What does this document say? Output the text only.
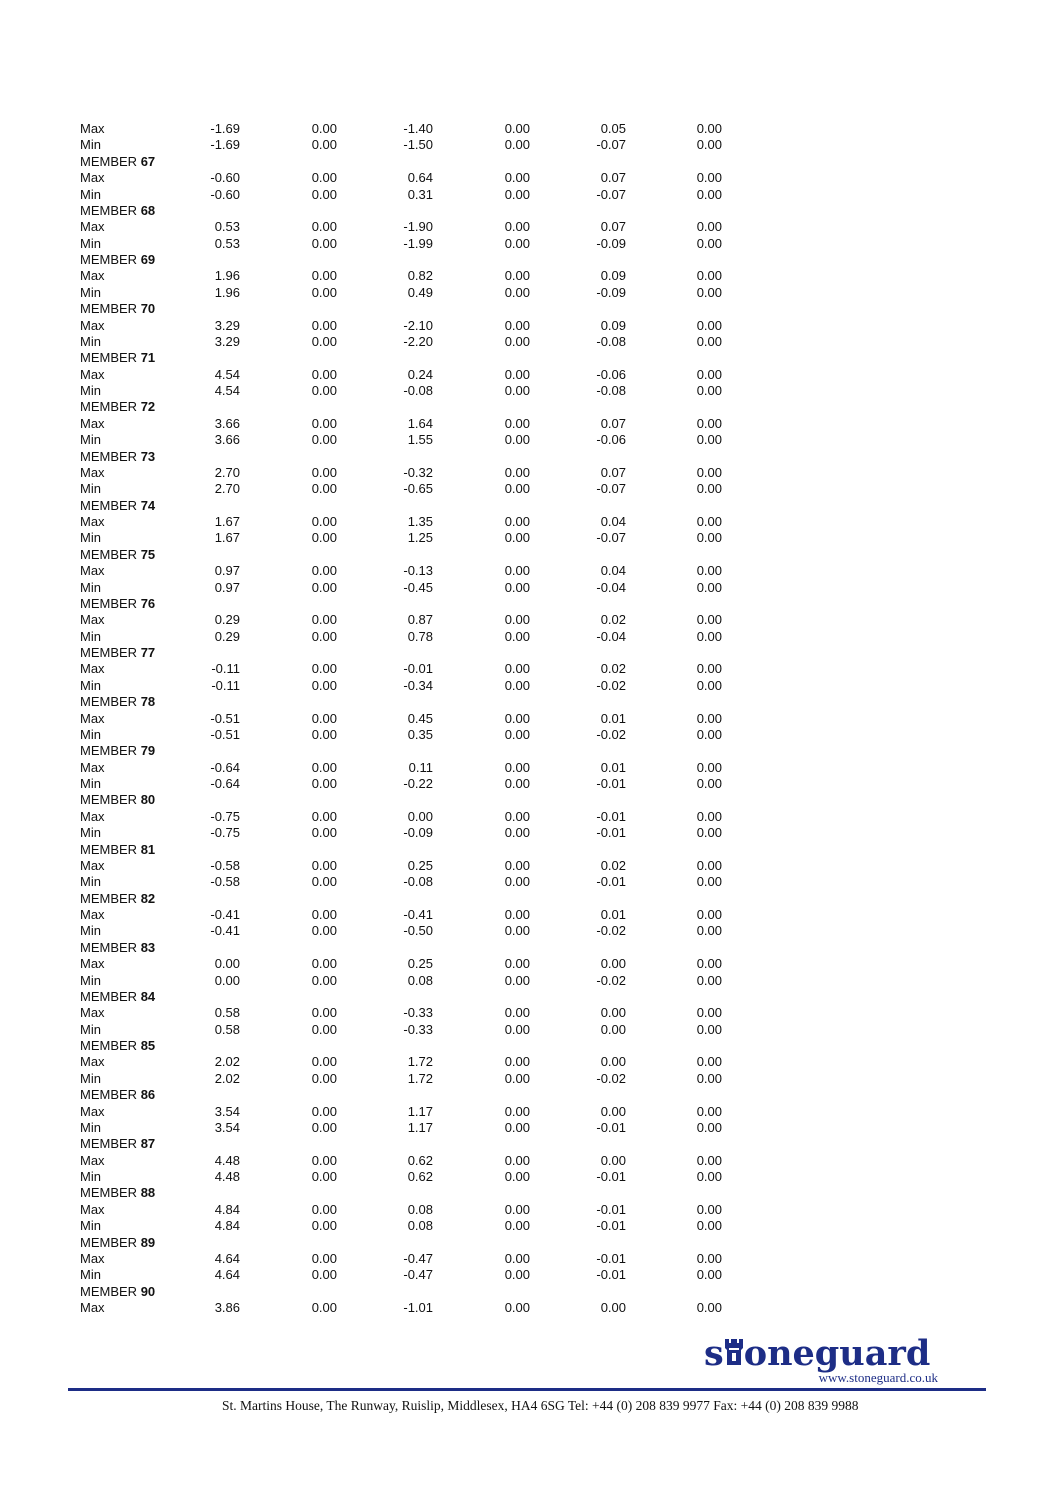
Max	-1.69	0.00	-1.40	0.00	0.05	0.00
Min	-1.69	0.00	-1.50	0.00	-0.07	0.00
MEMBER 67
Max	-0.60	0.00	0.64	0.00	0.07	0.00
Min	-0.60	0.00	0.31	0.00	-0.07	0.00
MEMBER 68
Max	0.53	0.00	-1.90	0.00	0.07	0.00
Min	0.53	0.00	-1.99	0.00	-0.09	0.00
MEMBER 69
Max	1.96	0.00	0.82	0.00	0.09	0.00
Min	1.96	0.00	0.49	0.00	-0.09	0.00
MEMBER 70
Max	3.29	0.00	-2.10	0.00	0.09	0.00
Min	3.29	0.00	-2.20	0.00	-0.08	0.00
MEMBER 71
Max	4.54	0.00	0.24	0.00	-0.06	0.00
Min	4.54	0.00	-0.08	0.00	-0.08	0.00
MEMBER 72
Max	3.66	0.00	1.64	0.00	0.07	0.00
Min	3.66	0.00	1.55	0.00	-0.06	0.00
MEMBER 73
Max	2.70	0.00	-0.32	0.00	0.07	0.00
Min	2.70	0.00	-0.65	0.00	-0.07	0.00
MEMBER 74
Max	1.67	0.00	1.35	0.00	0.04	0.00
Min	1.67	0.00	1.25	0.00	-0.07	0.00
MEMBER 75
Max	0.97	0.00	-0.13	0.00	0.04	0.00
Min	0.97	0.00	-0.45	0.00	-0.04	0.00
MEMBER 76
Max	0.29	0.00	0.87	0.00	0.02	0.00
Min	0.29	0.00	0.78	0.00	-0.04	0.00
MEMBER 77
Max	-0.11	0.00	-0.01	0.00	0.02	0.00
Min	-0.11	0.00	-0.34	0.00	-0.02	0.00
MEMBER 78
Max	-0.51	0.00	0.45	0.00	0.01	0.00
Min	-0.51	0.00	0.35	0.00	-0.02	0.00
MEMBER 79
Max	-0.64	0.00	0.11	0.00	0.01	0.00
Min	-0.64	0.00	-0.22	0.00	-0.01	0.00
MEMBER 80
Max	-0.75	0.00	0.00	0.00	-0.01	0.00
Min	-0.75	0.00	-0.09	0.00	-0.01	0.00
MEMBER 81
Max	-0.58	0.00	0.25	0.00	0.02	0.00
Min	-0.58	0.00	-0.08	0.00	-0.01	0.00
MEMBER 82
Max	-0.41	0.00	-0.41	0.00	0.01	0.00
Min	-0.41	0.00	-0.50	0.00	-0.02	0.00
MEMBER 83
Max	0.00	0.00	0.25	0.00	0.00	0.00
Min	0.00	0.00	0.08	0.00	-0.02	0.00
MEMBER 84
Max	0.58	0.00	-0.33	0.00	0.00	0.00
Min	0.58	0.00	-0.33	0.00	0.00	0.00
MEMBER 85
Max	2.02	0.00	1.72	0.00	0.00	0.00
Min	2.02	0.00	1.72	0.00	-0.02	0.00
MEMBER 86
Max	3.54	0.00	1.17	0.00	0.00	0.00
Min	3.54	0.00	1.17	0.00	-0.01	0.00
MEMBER 87
Max	4.48	0.00	0.62	0.00	0.00	0.00
Min	4.48	0.00	0.62	0.00	-0.01	0.00
MEMBER 88
Max	4.84	0.00	0.08	0.00	-0.01	0.00
Min	4.84	0.00	0.08	0.00	-0.01	0.00
MEMBER 89
Max	4.64	0.00	-0.47	0.00	-0.01	0.00
Min	4.64	0.00	-0.47	0.00	-0.01	0.00
MEMBER 90
Max	3.86	0.00	-1.01	0.00	0.00	0.00
s oneguard
www.stoneguard.co.uk
St. Martins House, The Runway, Ruislip, Middlesex, HA4 6SG Tel: +44 (0) 208 839 9977 Fax: +44 (0) 208 839 9988
